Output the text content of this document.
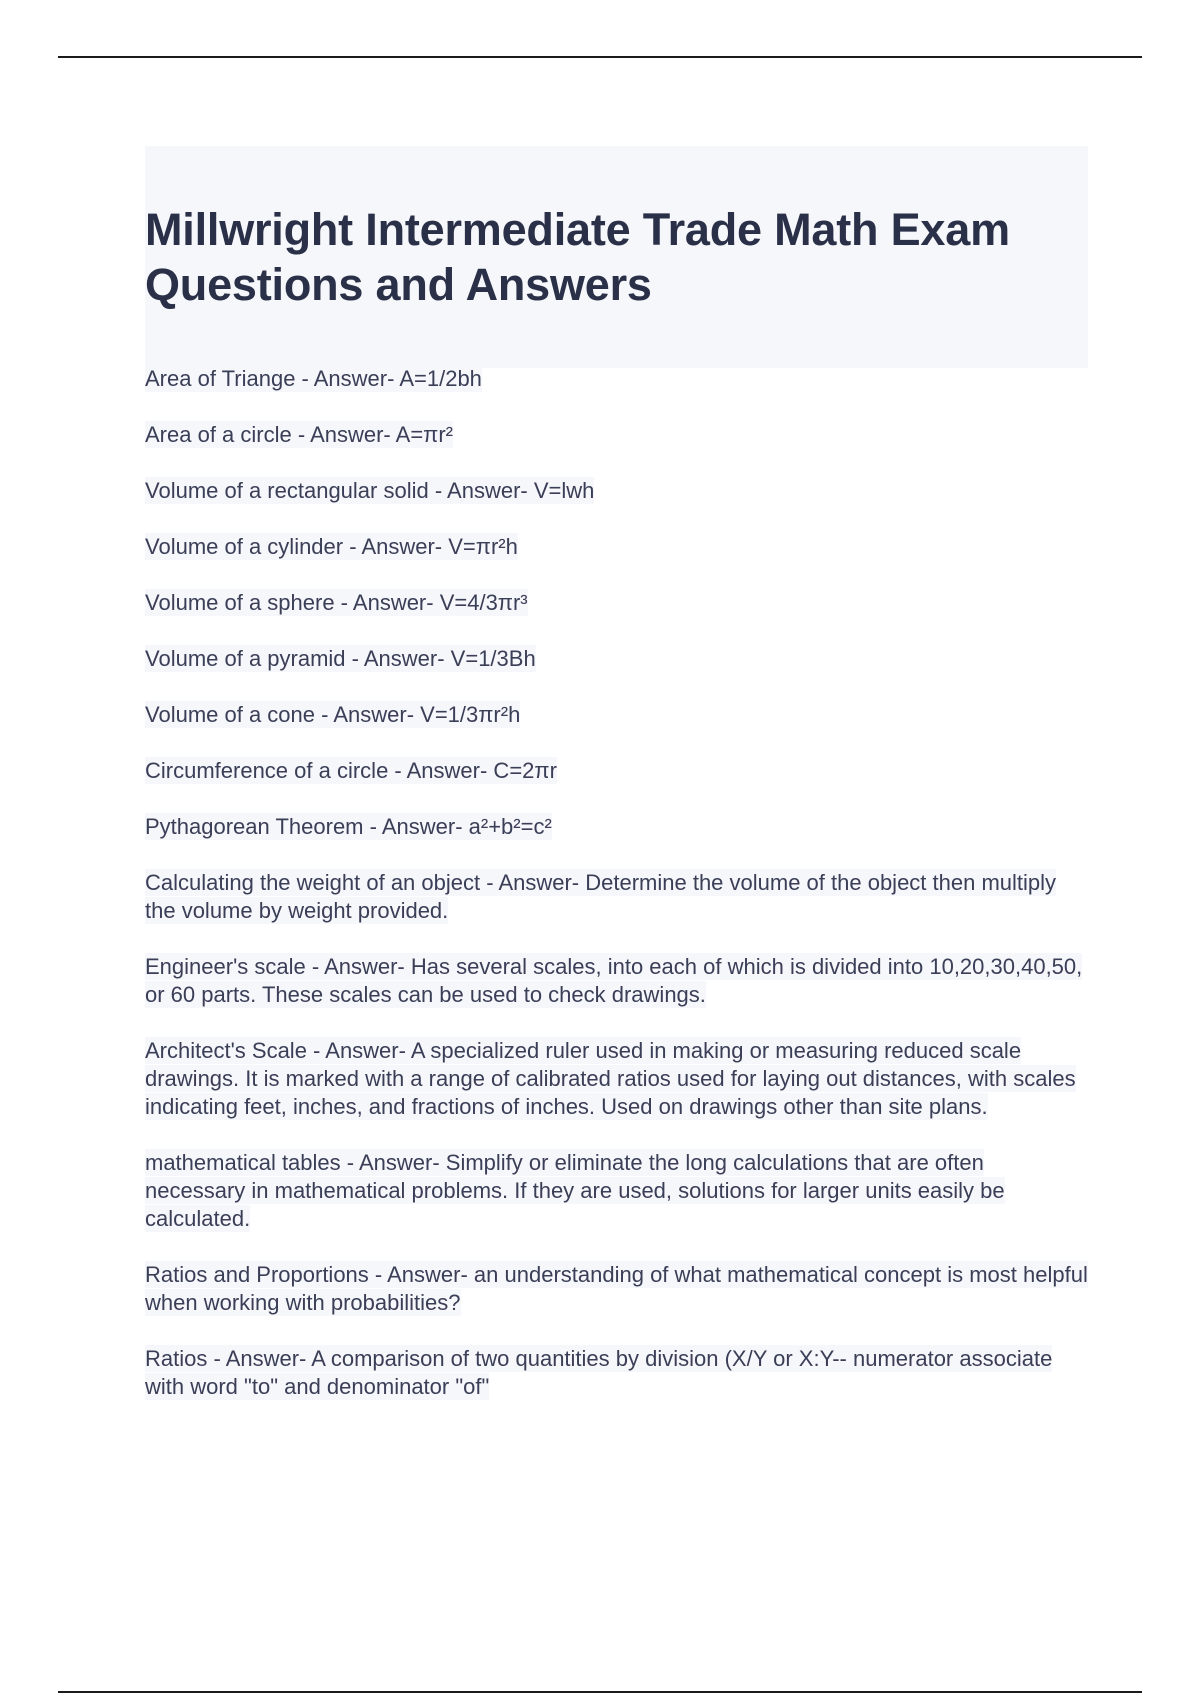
Millwright Intermediate Trade Math Exam Questions and Answers
Area of Triange - Answer- A=1/2bh
Area of a circle - Answer- A=πr²
Volume of a rectangular solid - Answer- V=lwh
Volume of a cylinder - Answer- V=πr²h
Volume of a sphere - Answer- V=4/3πr³
Volume of a pyramid - Answer- V=1/3Bh
Volume of a cone - Answer- V=1/3πr²h
Circumference of a circle - Answer- C=2πr
Pythagorean Theorem - Answer- a²+b²=c²
Calculating the weight of an object - Answer- Determine the volume of the object then multiply the volume by weight provided.
Engineer's scale - Answer- Has several scales, into each of which is divided into 10,20,30,40,50, or 60 parts. These scales can be used to check drawings.
Architect's Scale - Answer- A specialized ruler used in making or measuring reduced scale drawings. It is marked with a range of calibrated ratios used for laying out distances, with scales indicating feet, inches, and fractions of inches. Used on drawings other than site plans.
mathematical tables - Answer- Simplify or eliminate the long calculations that are often necessary in mathematical problems. If they are used, solutions for larger units easily be calculated.
Ratios and Proportions - Answer- an understanding of what mathematical concept is most helpful when working with probabilities?
Ratios - Answer- A comparison of two quantities by division (X/Y or X:Y-- numerator associate with word "to" and denominator "of"
